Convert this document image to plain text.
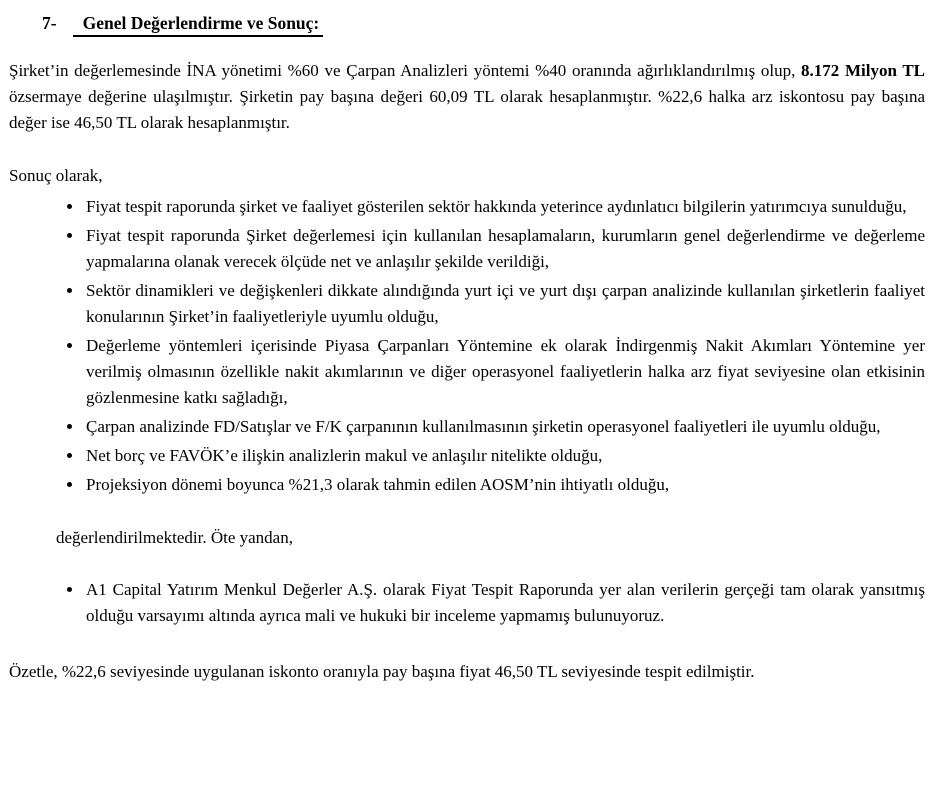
7- Genel Değerlendirme ve Sonuç:

Şirket’in değerlemesinde İNA yönetimi %60 ve Çarpan Analizleri yöntemi %40 oranında ağırlıklandırılmış olup, 8.172 Milyon TL özsermaye değerine ulaşılmıştır. Şirketin pay başına değeri 60,09 TL olarak hesaplanmıştır. %22,6 halka arz iskontosu pay başına değer ise 46,50 TL olarak hesaplanmıştır.

Sonuç olarak,

• Fiyat tespit raporunda şirket ve faaliyet gösterilen sektör hakkında yeterince aydınlatıcı bilgilerin yatırımcıya sunulduğu,
• Fiyat tespit raporunda Şirket değerlemesi için kullanılan hesaplamaların, kurumların genel değerlendirme ve değerleme yapmalarına olanak verecek ölçüde net ve anlaşılır şekilde verildiği,
• Sektör dinamikleri ve değişkenleri dikkate alındığında yurt içi ve yurt dışı çarpan analizinde kullanılan şirketlerin faaliyet konularının Şirket’in faaliyetleriyle uyumlu olduğu,
• Değerleme yöntemleri içerisinde Piyasa Çarpanları Yöntemine ek olarak İndirgenmiş Nakit Akımları Yöntemine yer verilmiş olmasının özellikle nakit akımlarının ve diğer operasyonel faaliyetlerin halka arz fiyat seviyesine olan etkisinin gözlenmesine katkı sağladığı,
• Çarpan analizinde FD/Satışlar ve F/K çarpanının kullanılmasının şirketin operasyonel faaliyetleri ile uyumlu olduğu,
• Net borç ve FAVÖK’e ilişkin analizlerin makul ve anlaşılır nitelikte olduğu,
• Projeksiyon dönemi boyunca %21,3 olarak tahmin edilen AOSM’nin ihtiyatlı olduğu,

değerlendirilmektedir. Öte yandan,

• A1 Capital Yatırım Menkul Değerler A.Ş. olarak Fiyat Tespit Raporunda yer alan verilerin gerçeği tam olarak yansıtmış olduğu varsayımı altında ayrıca mali ve hukuki bir inceleme yapmamış bulunuyoruz.

Özetle, %22,6 seviyesinde uygulanan iskonto oranıyla pay başına fiyat 46,50 TL seviyesinde tespit edilmiştir.
